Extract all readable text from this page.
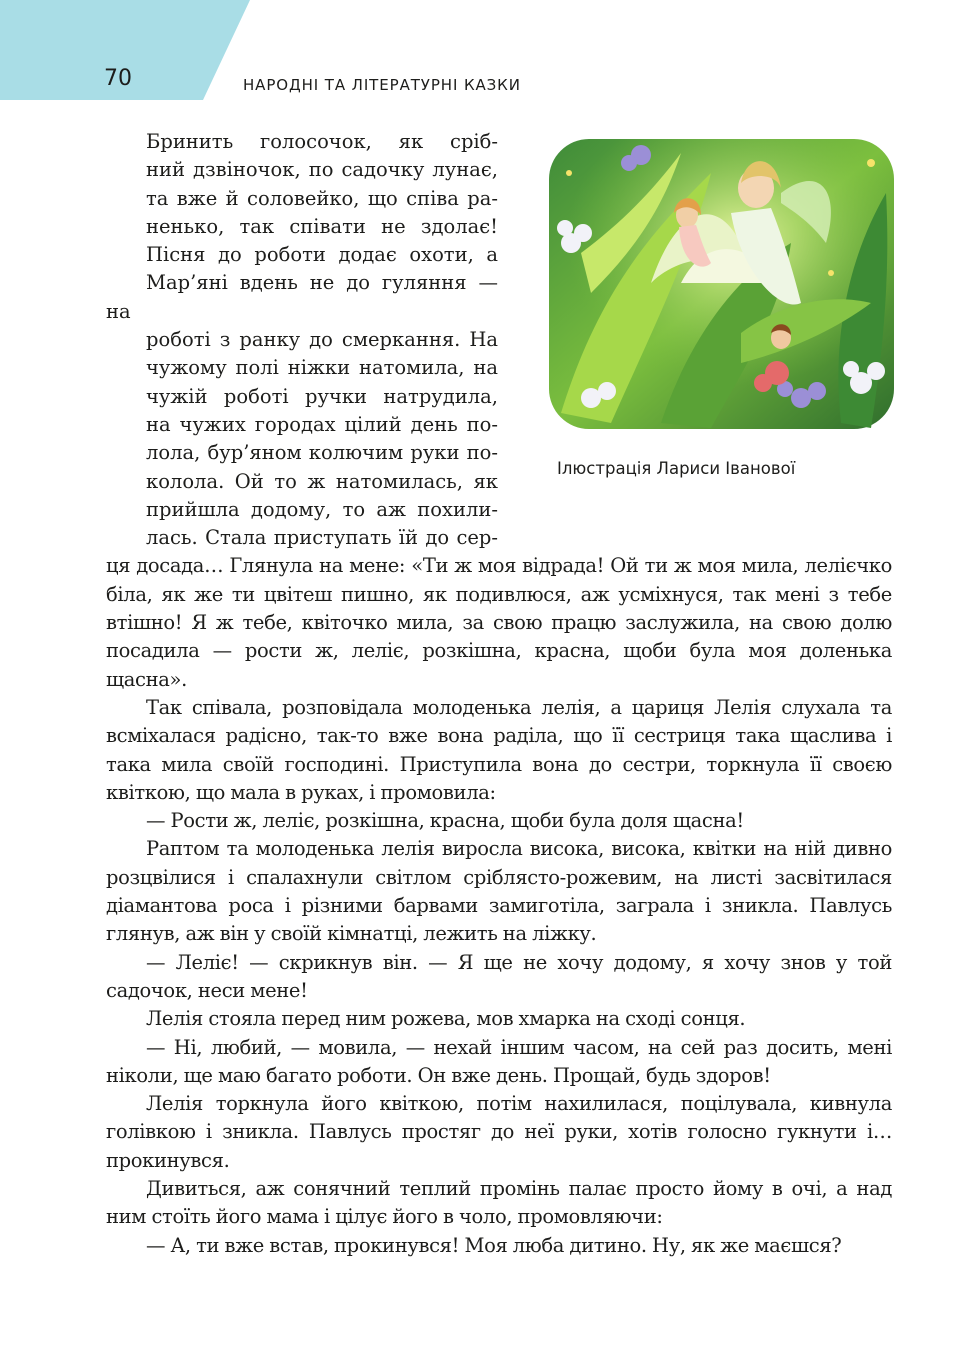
70	НАРОДНІ ТА ЛІТЕРАТУРНІ КАЗКИ
Ілюстрація Лариси Іванової

Бринить голосочок, як сріб-
ний дзвіночок, по садочку лунає,
та вже й соловейко, що співа ра-
ненько, так співати не здолає!
Пісня до роботи додає охоти, а
Мар’яні вдень не до гуляння — на
роботі з ранку до смеркання. На
чужому полі ніжки натомила, на
чужій роботі ручки натрудила,
на чужих городах цілий день по-
лола, бур’яном колючим руки по-
колола. Ой то ж натомилась, як
прийшла додому, то аж похили-
лась. Стала приступать їй до сер-

ця досада… Глянула на мене: «Ти ж моя відрада! Ой ти ж моя мила, лелієчко біла, як же ти цвітеш пишно, як подивлюся, аж усміхнуся, так мені з тебе втішно! Я ж тебе, квіточко мила, за свою працю заслужила, на свою долю посадила — рости ж, леліє, розкішна, красна, щоби була моя доленька щасна».

Так співала, розповідала молоденька лелія, а цариця Лелія слухала та всміхалася радісно, так-то вже вона раділа, що її сестриця така щаслива і така мила своїй господині. Приступила вона до сестри, торкнула її своєю квіткою, що мала в руках, і промовила:

— Рости ж, леліє, розкішна, красна, щоби була доля щасна!

Раптом та молоденька лелія виросла висока, висока, квітки на ній дивно розцвілися і спалахнули світлом сріблясто-рожевим, на листі засвітилася діамантова роса і різними барвами замиготіла, заграла і зникла. Павлусь глянув, аж він у своїй кімнатці, лежить на ліжку.

— Леліє! — скрикнув він. — Я ще не хочу додому, я хочу знов у той садочок, неси мене!

Лелія стояла перед ним рожева, мов хмарка на сході сонця.

— Ні, любий, — мовила, — нехай іншим часом, на сей раз досить, мені ніколи, ще маю багато роботи. Он вже день. Прощай, будь здоров!

Лелія торкнула його квіткою, потім нахилилася, поцілувала, кивнула голівкою і зникла. Павлусь простяг до неї руки, хотів голосно гукнути і… прокинувся.

Дивиться, аж сонячний теплий промінь палає просто йому в очі, а над ним стоїть його мама і цілує його в чоло, промовляючи:

— А, ти вже встав, прокинувся! Моя люба дитино. Ну, як же маєшся?
